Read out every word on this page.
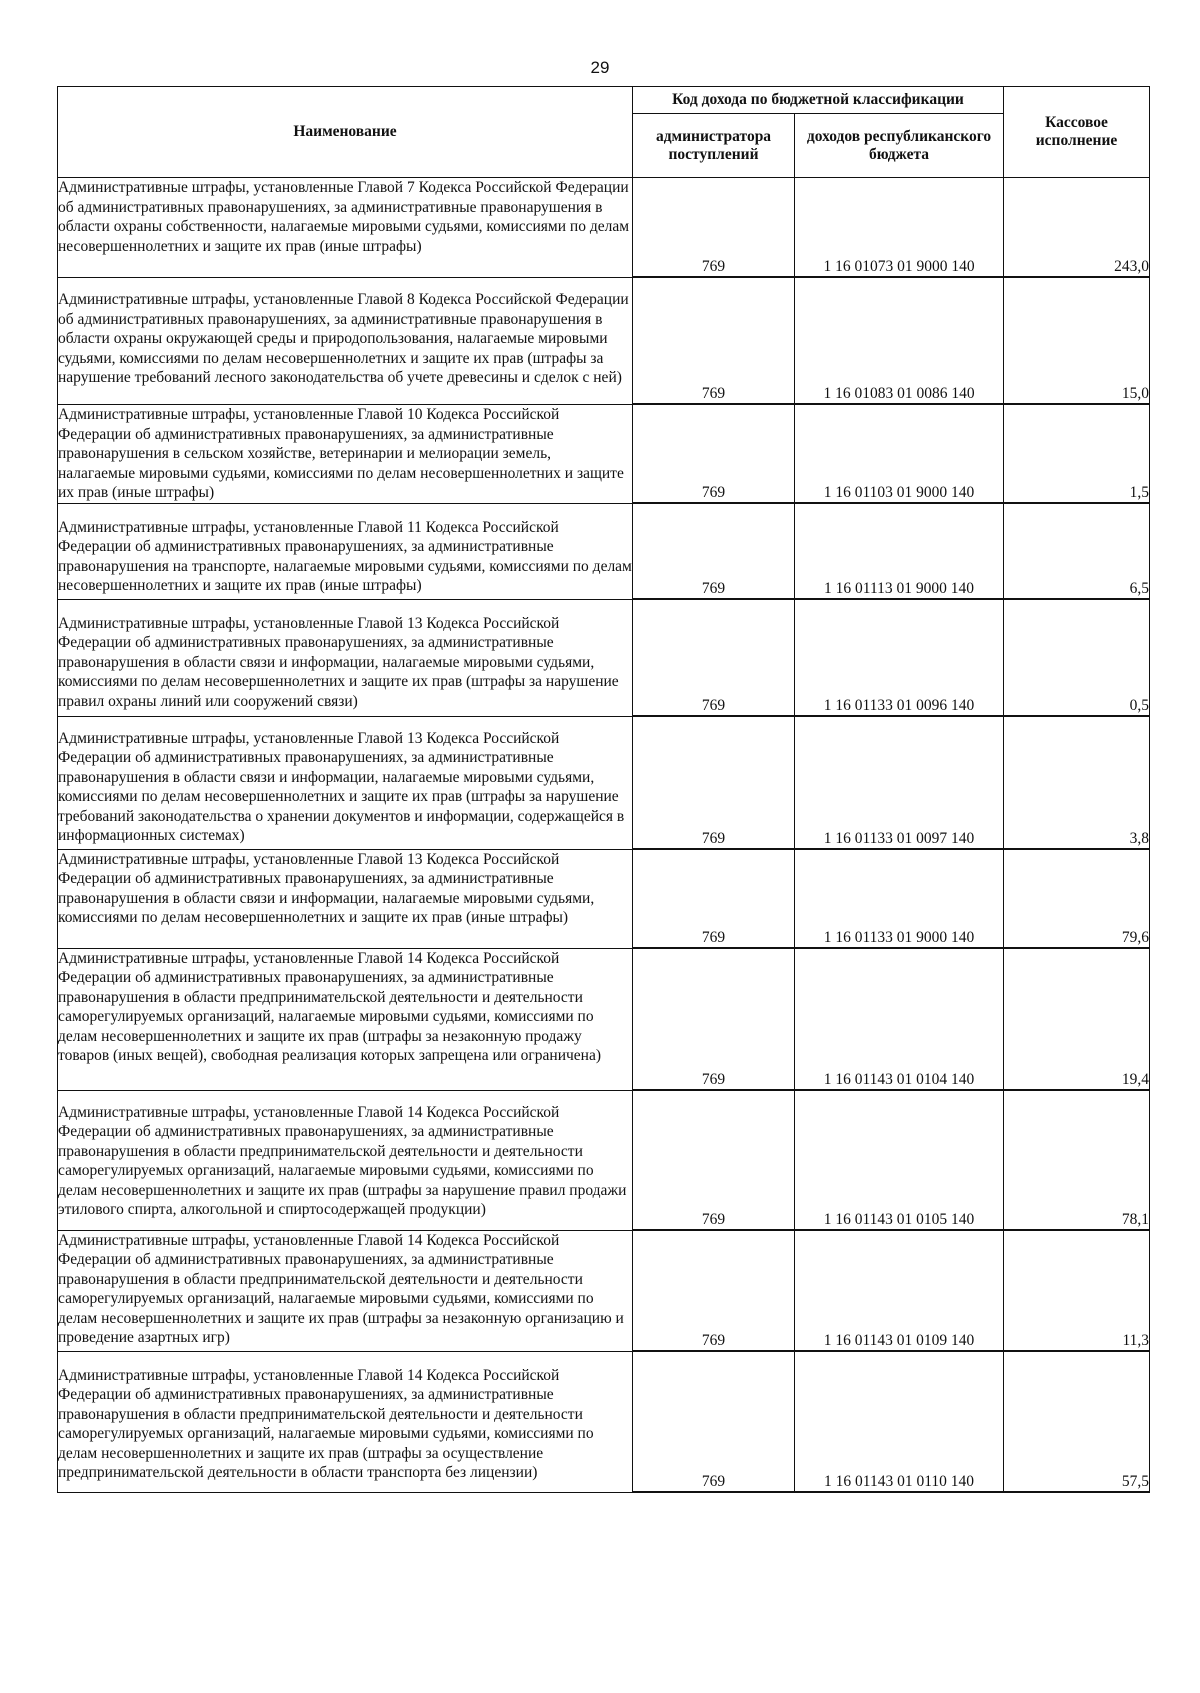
29
Наименование	Код дохода по бюджетной классификации		Кассовое исполнение
	администратора поступлений	доходов республиканского бюджета	
Административные штрафы, установленные Главой 7 Кодекса Российской Федерации об административных правонарушениях, за административные правонарушения в области охраны собственности, налагаемые мировыми судьями, комиссиями по делам несовершеннолетних и защите их прав (иные штрафы)	769	1 16 01073 01 9000 140	243,0
Административные штрафы, установленные Главой 8 Кодекса Российской Федерации об административных правонарушениях, за административные правонарушения в области охраны окружающей среды и природопользования, налагаемые мировыми судьями, комиссиями по делам несовершеннолетних и защите их прав (штрафы за нарушение требований лесного законодательства об учете древесины и сделок с ней)	769	1 16 01083 01 0086 140	15,0
Административные штрафы, установленные Главой 10 Кодекса Российской Федерации об административных правонарушениях, за административные правонарушения в сельском хозяйстве, ветеринарии и мелиорации земель, налагаемые мировыми судьями, комиссиями по делам несовершеннолетних и защите их прав (иные штрафы)	769	1 16 01103 01 9000 140	1,5
Административные штрафы, установленные Главой 11 Кодекса Российской Федерации об административных правонарушениях, за административные правонарушения на транспорте, налагаемые мировыми судьями, комиссиями по делам несовершеннолетних и защите их прав (иные штрафы)	769	1 16 01113 01 9000 140	6,5
Административные штрафы, установленные Главой 13 Кодекса Российской Федерации об административных правонарушениях, за административные правонарушения в области связи и информации, налагаемые мировыми судьями, комиссиями по делам несовершеннолетних и защите их прав (штрафы за нарушение правил охраны линий или сооружений связи)	769	1 16 01133 01 0096 140	0,5
Административные штрафы, установленные Главой 13 Кодекса Российской Федерации об административных правонарушениях, за административные правонарушения в области связи и информации, налагаемые мировыми судьями, комиссиями по делам несовершеннолетних и защите их прав (штрафы за нарушение требований законодательства о хранении документов и информации, содержащейся в информационных системах)	769	1 16 01133 01 0097 140	3,8
Административные штрафы, установленные Главой 13 Кодекса Российской Федерации об административных правонарушениях, за административные правонарушения в области связи и информации, налагаемые мировыми судьями, комиссиями по делам несовершеннолетних и защите их прав (иные штрафы)	769	1 16 01133 01 9000 140	79,6
Административные штрафы, установленные Главой 14 Кодекса Российской Федерации об административных правонарушениях, за административные правонарушения в области предпринимательской деятельности и деятельности саморегулируемых организаций, налагаемые мировыми судьями, комиссиями по делам несовершеннолетних и защите их прав (штрафы за незаконную продажу товаров (иных вещей), свободная реализация которых запрещена или ограничена)	769	1 16 01143 01 0104 140	19,4
Административные штрафы, установленные Главой 14 Кодекса Российской Федерации об административных правонарушениях, за административные правонарушения в области предпринимательской деятельности и деятельности саморегулируемых организаций, налагаемые мировыми судьями, комиссиями по делам несовершеннолетних и защите их прав (штрафы за нарушение правил продажи этилового спирта, алкогольной и спиртосодержащей продукции)	769	1 16 01143 01 0105 140	78,1
Административные штрафы, установленные Главой 14 Кодекса Российской Федерации об административных правонарушениях, за административные правонарушения в области предпринимательской деятельности и деятельности саморегулируемых организаций, налагаемые мировыми судьями, комиссиями по делам несовершеннолетних и защите их прав (штрафы за незаконную организацию и проведение азартных игр)	769	1 16 01143 01 0109 140	11,3
Административные штрафы, установленные Главой 14 Кодекса Российской Федерации об административных правонарушениях, за административные правонарушения в области предпринимательской деятельности и деятельности саморегулируемых организаций, налагаемые мировыми судьями, комиссиями по делам несовершеннолетних и защите их прав (штрафы за осуществление предпринимательской деятельности в области транспорта без лицензии)	769	1 16 01143 01 0110 140	57,5
